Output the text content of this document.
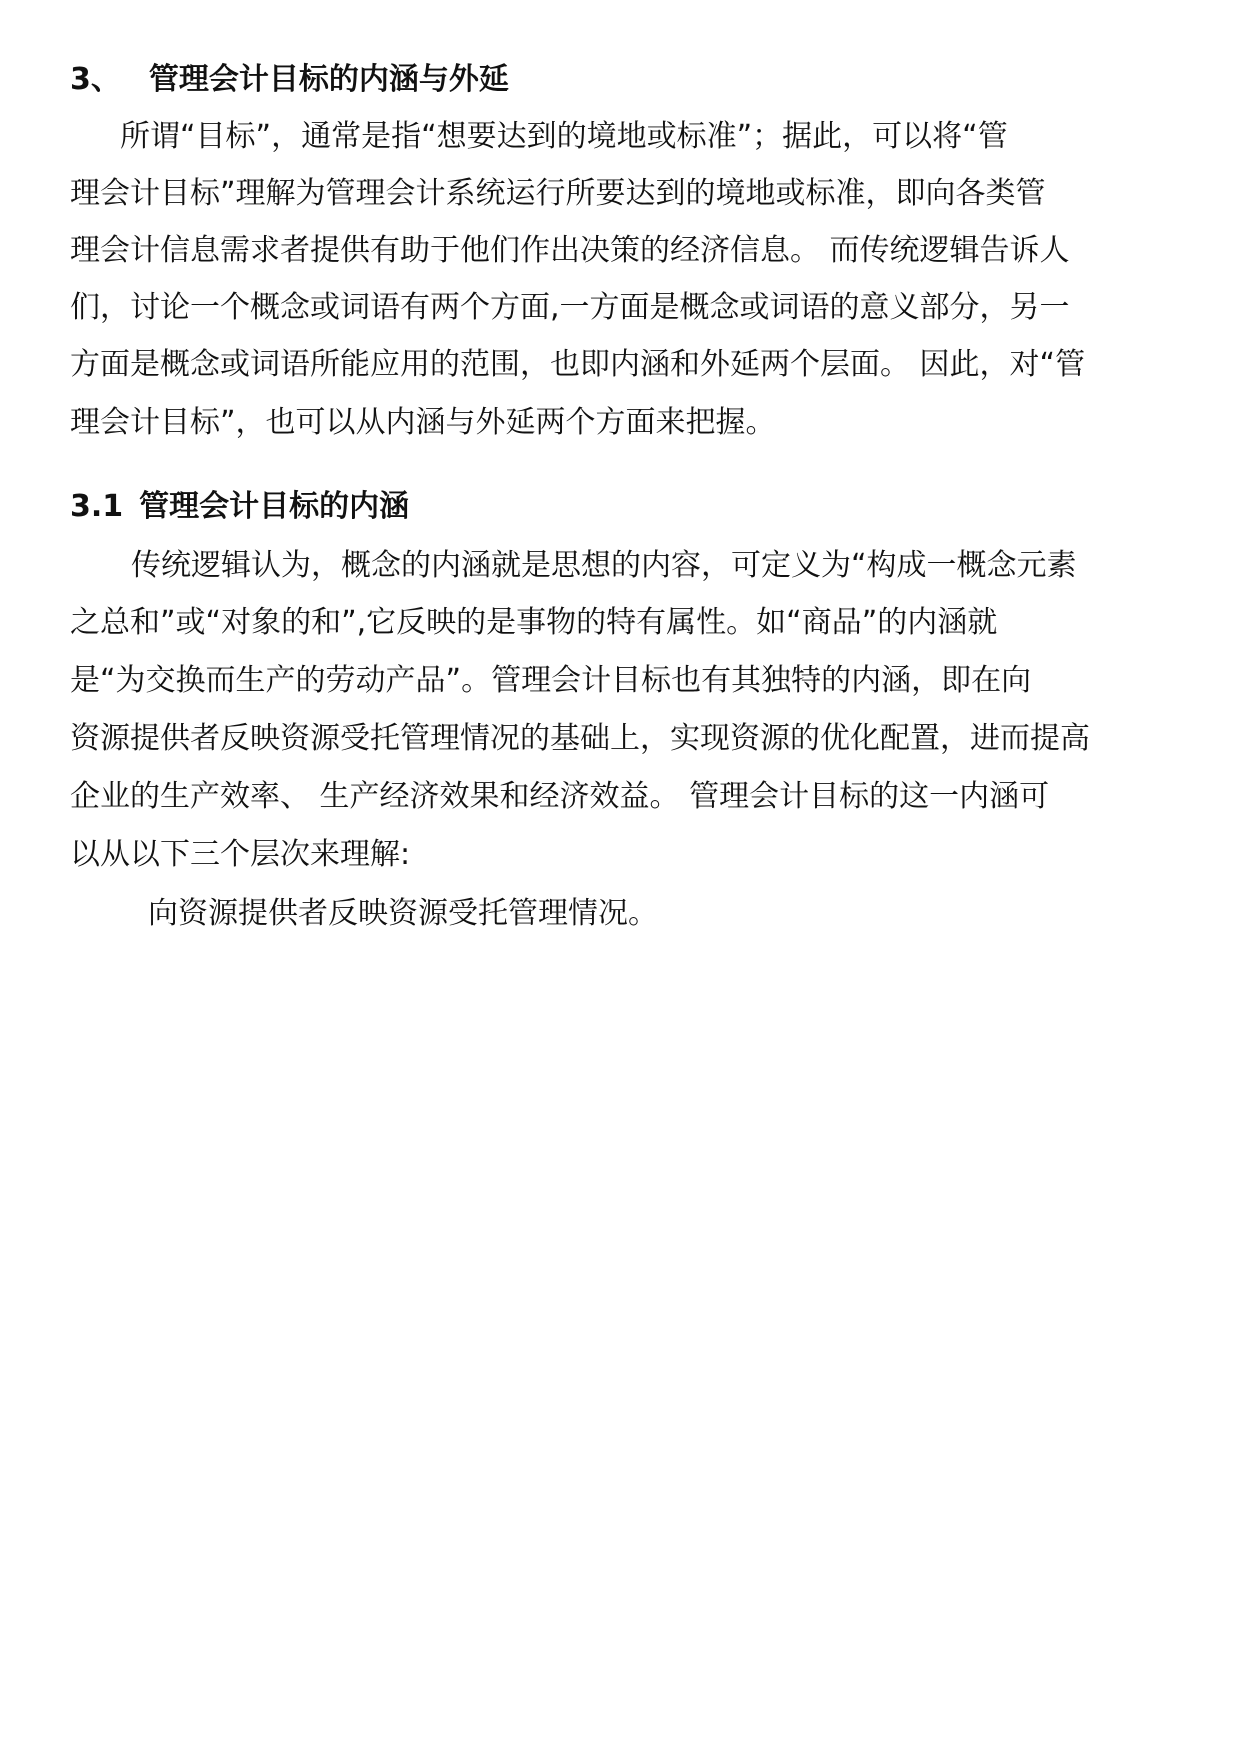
3、 管理会计目标的内涵与外延

所谓“目标”，通常是指“想要达到的境地或标准”；据此，可以将“管

理会计目标”理解为管理会计系统运行所要达到的境地或标准，即向各类管

理会计信息需求者提供有助于他们作出决策的经济信息。 而传统逻辑告诉人

们，讨论一个概念或词语有两个方面,一方面是概念或词语的意义部分，另一

方面是概念或词语所能应用的范围，也即内涵和外延两个层面。 因此，对“管

理会计目标”，也可以从内涵与外延两个方面来把握。

3.1 管理会计目标的内涵

传统逻辑认为，概念的内涵就是思想的内容，可定义为“构成一概念元素

之总和”或“对象的和”,它反映的是事物的特有属性。如“商品”的内涵就

是“为交换而生产的劳动产品”。管理会计目标也有其独特的内涵，即在向

资源提供者反映资源受托管理情况的基础上，实现资源的优化配置，进而提高

企业的生产效率、 生产经济效果和经济效益。 管理会计目标的这一内涵可

以从以下三个层次来理解:

向资源提供者反映资源受托管理情况。
